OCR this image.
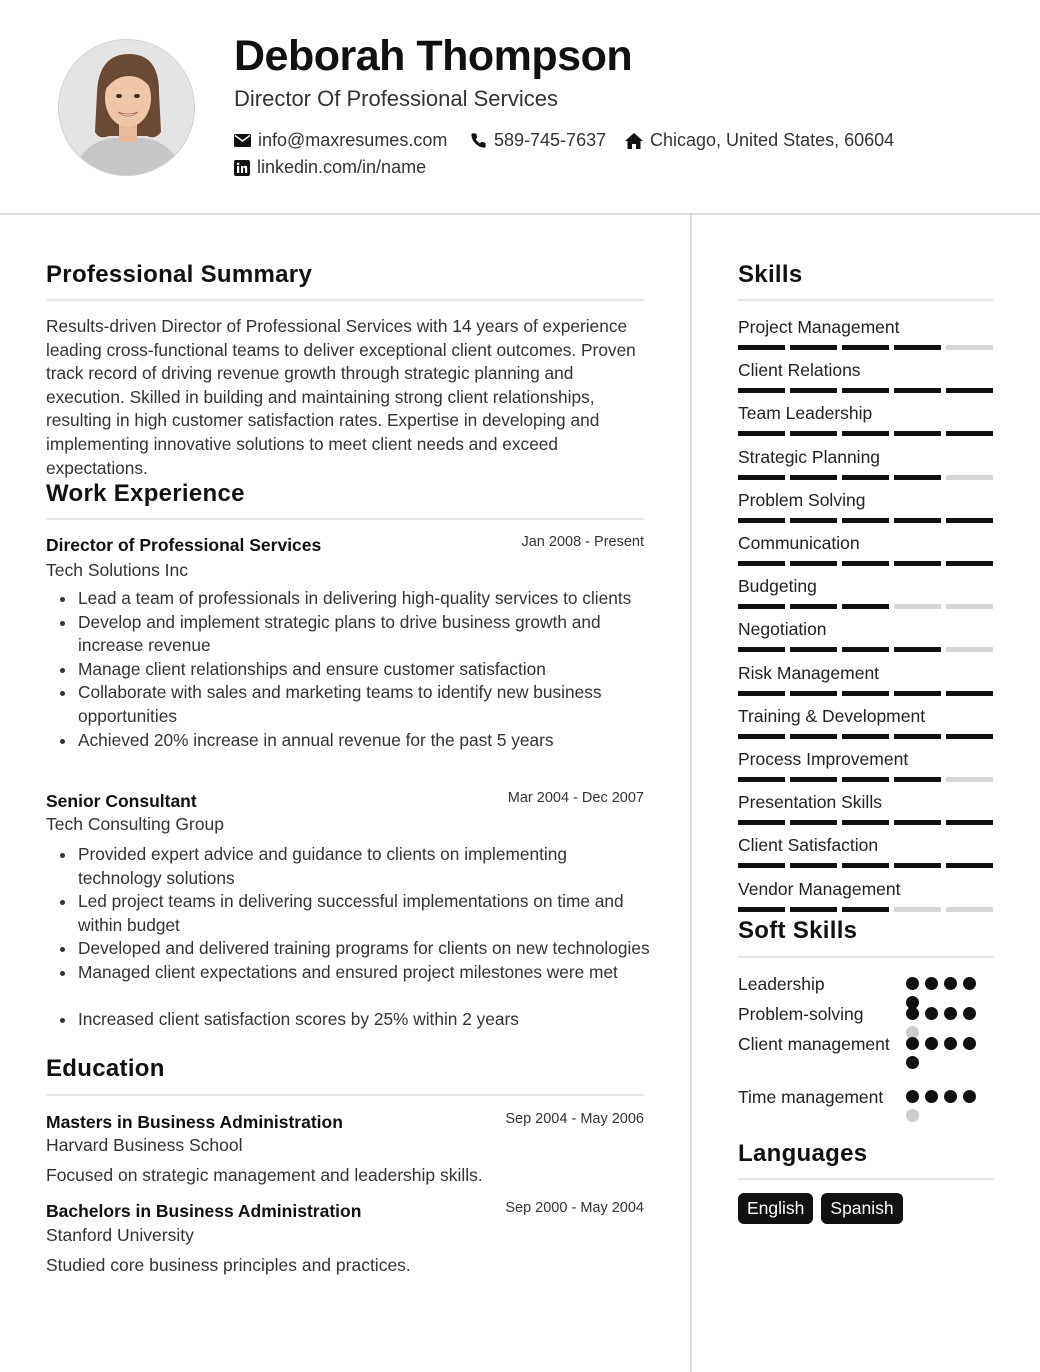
Deborah Thompson
Director Of Professional Services
info@maxresumes.com	589-745-7637 Chicago, United States, 60604
linkedin.com/in/name
Professional Summary
Results-driven Director of Professional Services with 14 years of experience leading cross-functional teams to deliver exceptional client outcomes. Proven track record of driving revenue growth through strategic planning and execution. Skilled in building and maintaining strong client relationships, resulting in high customer satisfaction rates. Expertise in developing and implementing innovative solutions to meet client needs and exceed expectations.
Work Experience
Director of Professional Services	Jan 2008 - Present
Tech Solutions Inc
Lead a team of professionals in delivering high-quality services to clients
Develop and implement strategic plans to drive business growth and increase revenue
Manage client relationships and ensure customer satisfaction
Collaborate with sales and marketing teams to identify new business opportunities
Achieved 20% increase in annual revenue for the past 5 years
Senior Consultant	Mar 2004 - Dec 2007
Tech Consulting Group
Provided expert advice and guidance to clients on implementing technology solutions
Led project teams in delivering successful implementations on time and within budget
Developed and delivered training programs for clients on new technologies
Managed client expectations and ensured project milestones were met
Increased client satisfaction scores by 25% within 2 years
Education
Masters in Business Administration	Sep 2004 - May 2006
Harvard Business School
Focused on strategic management and leadership skills.
Bachelors in Business Administration	Sep 2000 - May 2004
Stanford University
Studied core business principles and practices.
Skills
Project Management
Client Relations
Team Leadership
Strategic Planning
Problem Solving
Communication
Budgeting
Negotiation
Risk Management
Training & Development
Process Improvement
Presentation Skills
Client Satisfaction
Vendor Management
Soft Skills
Leadership
Problem-solving
Client management
Time management
Languages
English	Spanish
